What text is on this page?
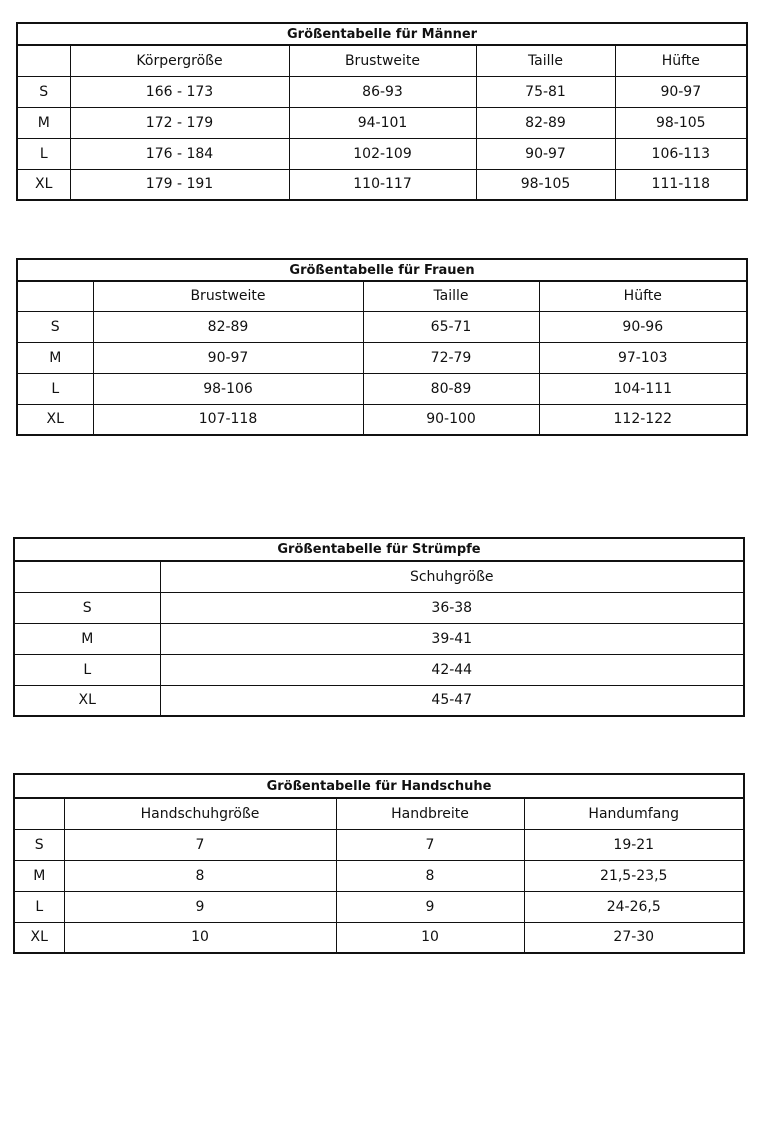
Größentabelle für Männer				
	Körpergröße	Brustweite	Taille	Hüfte
S	166 - 173	86-93	75-81	90-97
M	172 - 179	94-101	82-89	98-105
L	176 - 184	102-109	90-97	106-113
XL	179 - 191	110-117	98-105	111-118
Größentabelle für Frauen			
	Brustweite	Taille	Hüfte
S	82-89	65-71	90-96
M	90-97	72-79	97-103
L	98-106	80-89	104-111
XL	107-118	90-100	112-122
Größentabelle für Strümpfe	
	Schuhgröße
S	36-38
M	39-41
L	42-44
XL	45-47
Größentabelle für Handschuhe			
	Handschuhgröße	Handbreite	Handumfang
S	7	7	19-21
M	8	8	21,5-23,5
L	9	9	24-26,5
XL	10	10	27-30
